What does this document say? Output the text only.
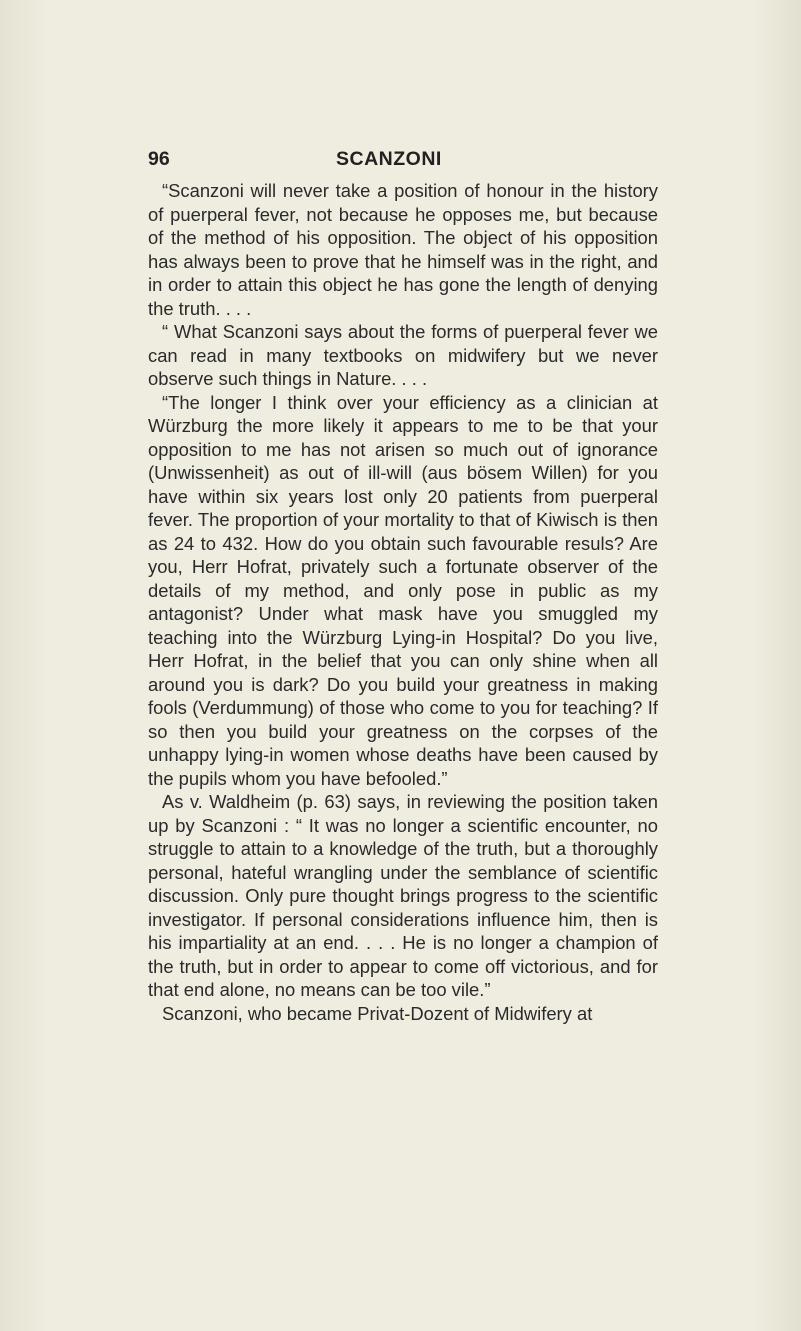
96	SCANZONI

“Scanzoni will never take a position of honour in the history of puerperal fever, not because he opposes me, but because of the method of his opposition. The object of his opposition has always been to prove that he himself was in the right, and in order to attain this object he has gone the length of denying the truth. . . .

“ What Scanzoni says about the forms of puerperal fever we can read in many textbooks on midwifery but we never observe such things in Nature. . . .

“The longer I think over your efficiency as a clinician at Würzburg the more likely it appears to me to be that your opposition to me has not arisen so much out of ignorance (Unwissenheit) as out of ill-will (aus bösem Willen) for you have within six years lost only 20 patients from puerperal fever. The proportion of your mortality to that of Kiwisch is then as 24 to 432. How do you obtain such favourable resuls? Are you, Herr Hofrat, privately such a fortunate observer of the details of my method, and only pose in public as my antagonist? Under what mask have you smuggled my teaching into the Würzburg Lying-in Hospital? Do you live, Herr Hofrat, in the belief that you can only shine when all around you is dark? Do you build your greatness in making fools (Verdummung) of those who come to you for teaching? If so then you build your greatness on the corpses of the unhappy lying-in women whose deaths have been caused by the pupils whom you have befooled.”

As v. Waldheim (p. 63) says, in reviewing the position taken up by Scanzoni : “ It was no longer a scientific encounter, no struggle to attain to a knowledge of the truth, but a thoroughly personal, hateful wrangling under the semblance of scientific discussion. Only pure thought brings progress to the scientific investigator. If personal considerations influence him, then is his impartiality at an end. . . . He is no longer a champion of the truth, but in order to appear to come off victorious, and for that end alone, no means can be too vile.”

Scanzoni, who became Privat-Dozent of Midwifery at
